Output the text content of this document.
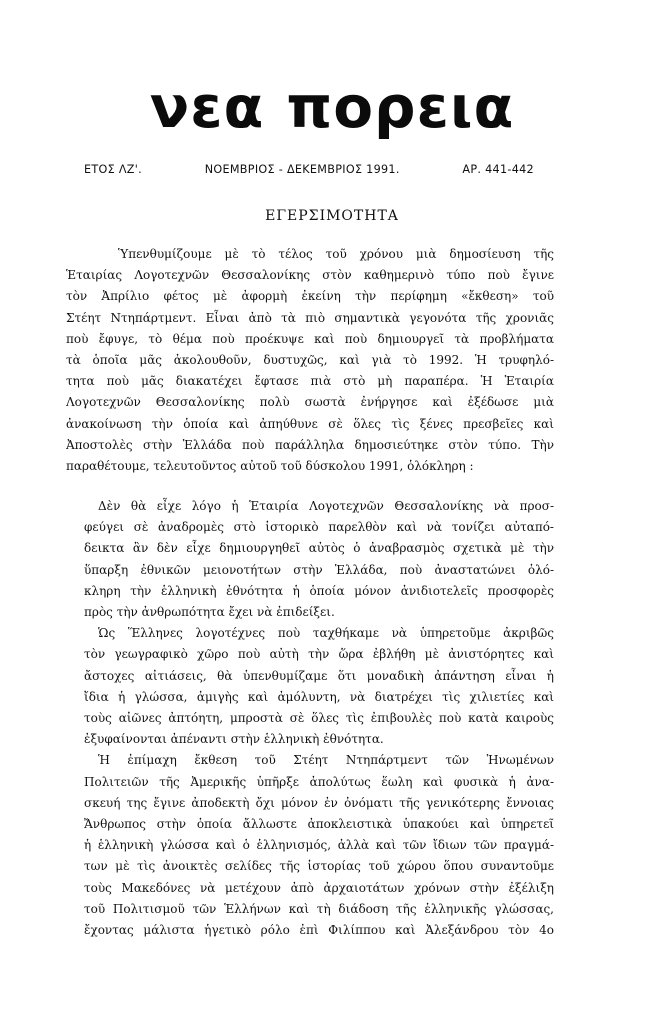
νεα πορεια
ΕΤΟΣ ΛΖ'.	ΝΟΕΜΒΡΙΟΣ - ΔΕΚΕΜΒΡΙΟΣ 1991.	ΑΡ. 441-442
ΕΓΕΡΣΙΜΟΤΗΤΑ
Ὑπενθυμίζουμε μὲ τὸ τέλος τοῦ χρόνου μιὰ δημοσίευση τῆς
Ἑταιρίας Λογοτεχνῶν Θεσσαλονίκης στὸν καθημερινὸ τύπο ποὺ ἔγινε
τὸν Ἀπρίλιο φέτος μὲ ἀφορμὴ ἐκείνη τὴν περίφημη «ἔκθεση» τοῦ
Στέητ Ντηπάρτμεντ. Εἶναι ἀπὸ τὰ πιὸ σημαντικὰ γεγονότα τῆς χρονιᾶς
ποὺ ἔφυγε, τὸ θέμα ποὺ προέκυψε καὶ ποὺ δημιουργεῖ τὰ προβλήματα
τὰ ὁποῖα μᾶς ἀκολουθοῦν, δυστυχῶς, καὶ γιὰ τὸ 1992. Ἡ τρυφηλό-
τητα ποὺ μᾶς διακατέχει ἔφτασε πιὰ στὸ μὴ παραπέρα. Ἡ Ἑταιρία
Λογοτεχνῶν Θεσσαλονίκης πολὺ σωστὰ ἐνήργησε καὶ ἐξέδωσε μιὰ
ἀνακοίνωση τὴν ὁποία καὶ ἀπηύθυνε σὲ ὅλες τὶς ξένες πρεσβεῖες καὶ
Ἀποστολὲς στὴν Ἑλλάδα ποὺ παράλληλα δημοσιεύτηκε στὸν τύπο. Τὴν
παραθέτουμε, τελευτοῦντος αὐτοῦ τοῦ δύσκολου 1991, ὁλόκληρη :
Δὲν θὰ εἶχε λόγο ἡ Ἑταιρία Λογοτεχνῶν Θεσσαλονίκης νὰ προσ-
φεύγει σὲ ἀναδρομὲς στὸ ἱστορικὸ παρελθὸν καὶ νὰ τονίζει αὐταπό-
δεικτα ἂν δὲν εἶχε δημιουργηθεῖ αὐτὸς ὁ ἀναβρασμὸς σχετικὰ μὲ τὴν
ὕπαρξη ἐθνικῶν μειονοτήτων στὴν Ἑλλάδα, ποὺ ἀναστατώνει ὁλό-
κληρη τὴν ἑλληνικὴ ἐθνότητα ἡ ὁποία μόνον ἀνιδιοτελεῖς προσφορὲς
πρὸς τὴν ἀνθρωπότητα ἔχει νὰ ἐπιδείξει.
Ὡς Ἕλληνες λογοτέχνες ποὺ ταχθήκαμε νὰ ὑπηρετοῦμε ἀκριβῶς
τὸν γεωγραφικὸ χῶρο ποὺ αὐτὴ τὴν ὥρα ἐβλήθη μὲ ἀνιστόρητες καὶ
ἄστοχες αἰτιάσεις, θὰ ὑπενθυμίζαμε ὅτι μοναδικὴ ἀπάντηση εἶναι ἡ
ἴδια ἡ γλώσσα, ἀμιγὴς καὶ ἀμόλυντη, νὰ διατρέχει τὶς χιλιετίες καὶ
τοὺς αἰῶνες ἀπτόητη, μπροστὰ σὲ ὅλες τὶς ἐπιβουλὲς ποὺ κατὰ καιροὺς
ἐξυφαίνονται ἀπέναντι στὴν ἑλληνικὴ ἐθνότητα.
Ἡ ἐπίμαχη ἔκθεση τοῦ Στέητ Ντηπάρτμεντ τῶν Ἡνωμένων
Πολιτειῶν τῆς Ἀμερικῆς ὑπῆρξε ἀπολύτως ἕωλη καὶ φυσικὰ ἡ ἀνα-
σκευή της ἔγινε ἀποδεκτὴ ὄχι μόνον ἐν ὀνόματι τῆς γενικότερης ἔννοιας
Ἄνθρωπος στὴν ὁποία ἄλλωστε ἀποκλειστικὰ ὑπακούει καὶ ὑπηρετεῖ
ἡ ἑλληνικὴ γλώσσα καὶ ὁ ἑλληνισμός, ἀλλὰ καὶ τῶν ἴδιων τῶν πραγμά-
των μὲ τὶς ἀνοικτὲς σελίδες τῆς ἱστορίας τοῦ χώρου ὅπου συναντοῦμε
τοὺς Μακεδόνες νὰ μετέχουν ἀπὸ ἀρχαιοτάτων χρόνων στὴν ἐξέλιξη
τοῦ Πολιτισμοῦ τῶν Ἑλλήνων καὶ τὴ διάδοση τῆς ἑλληνικῆς γλώσσας,
ἔχοντας μάλιστα ἡγετικὸ ρόλο ἐπὶ Φιλίππου καὶ Ἀλεξάνδρου τὸν 4ο
